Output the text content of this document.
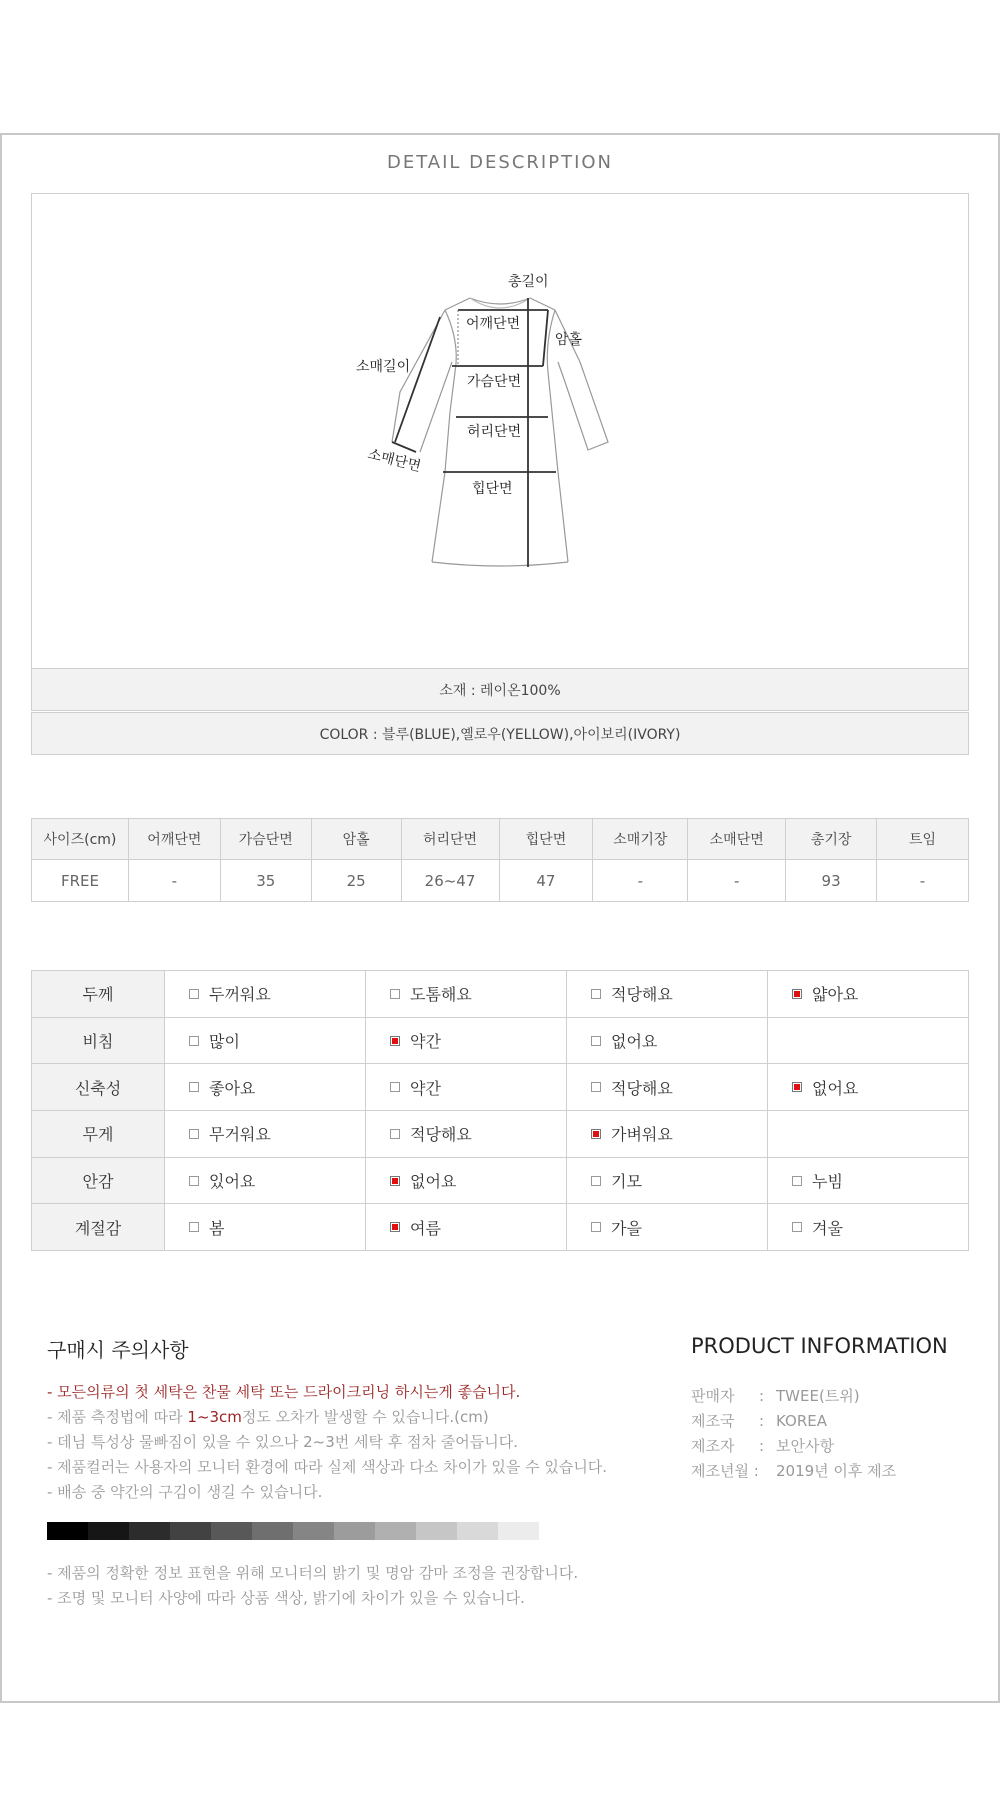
DETAIL DESCRIPTION
총길이
어깨단면
암홀
소매길이
가슴단면
허리단면
소매단면
힙단면
소재 : 레이온100%
COLOR : 블루(BLUE),옐로우(YELLOW),아이보리(IVORY)
사이즈(cm)	어깨단면	가슴단면	암홀	허리단면	힙단면	소매기장	소매단면	총기장	트임
FREE	-	35	25	26~47	47	-	-	93	-
두께	두꺼워요	도톰해요	적당해요	얇아요
비침	많이	약간	없어요	
신축성	좋아요	약간	적당해요	없어요
무게	무거워요	적당해요	가벼워요	
안감	있어요	없어요	기모	누빔
계절감	봄	여름	가을	겨울
구매시 주의사항
- 모든의류의 첫 세탁은 찬물 세탁 또는 드라이크리닝 하시는게 좋습니다.
- 제품 측정법에 따라 1~3cm정도 오차가 발생할 수 있습니다.(cm)
- 데님 특성상 물빠짐이 있을 수 있으나 2~3번 세탁 후 점차 줄어듭니다.
- 제품컬러는 사용자의 모니터 환경에 따라 실제 색상과 다소 차이가 있을 수 있습니다.
- 배송 중 약간의 구김이 생길 수 있습니다.
- 제품의 정확한 정보 표현을 위해 모니터의 밝기 및 명암 감마 조정을 권장합니다.
- 조명 및 모니터 사양에 따라 상품 색상, 밝기에 차이가 있을 수 있습니다.
PRODUCT INFORMATION
판매자	: TWEE(트위)
제조국	: KOREA
제조자	: 보안사항
제조년월 :	2019년 이후 제조
